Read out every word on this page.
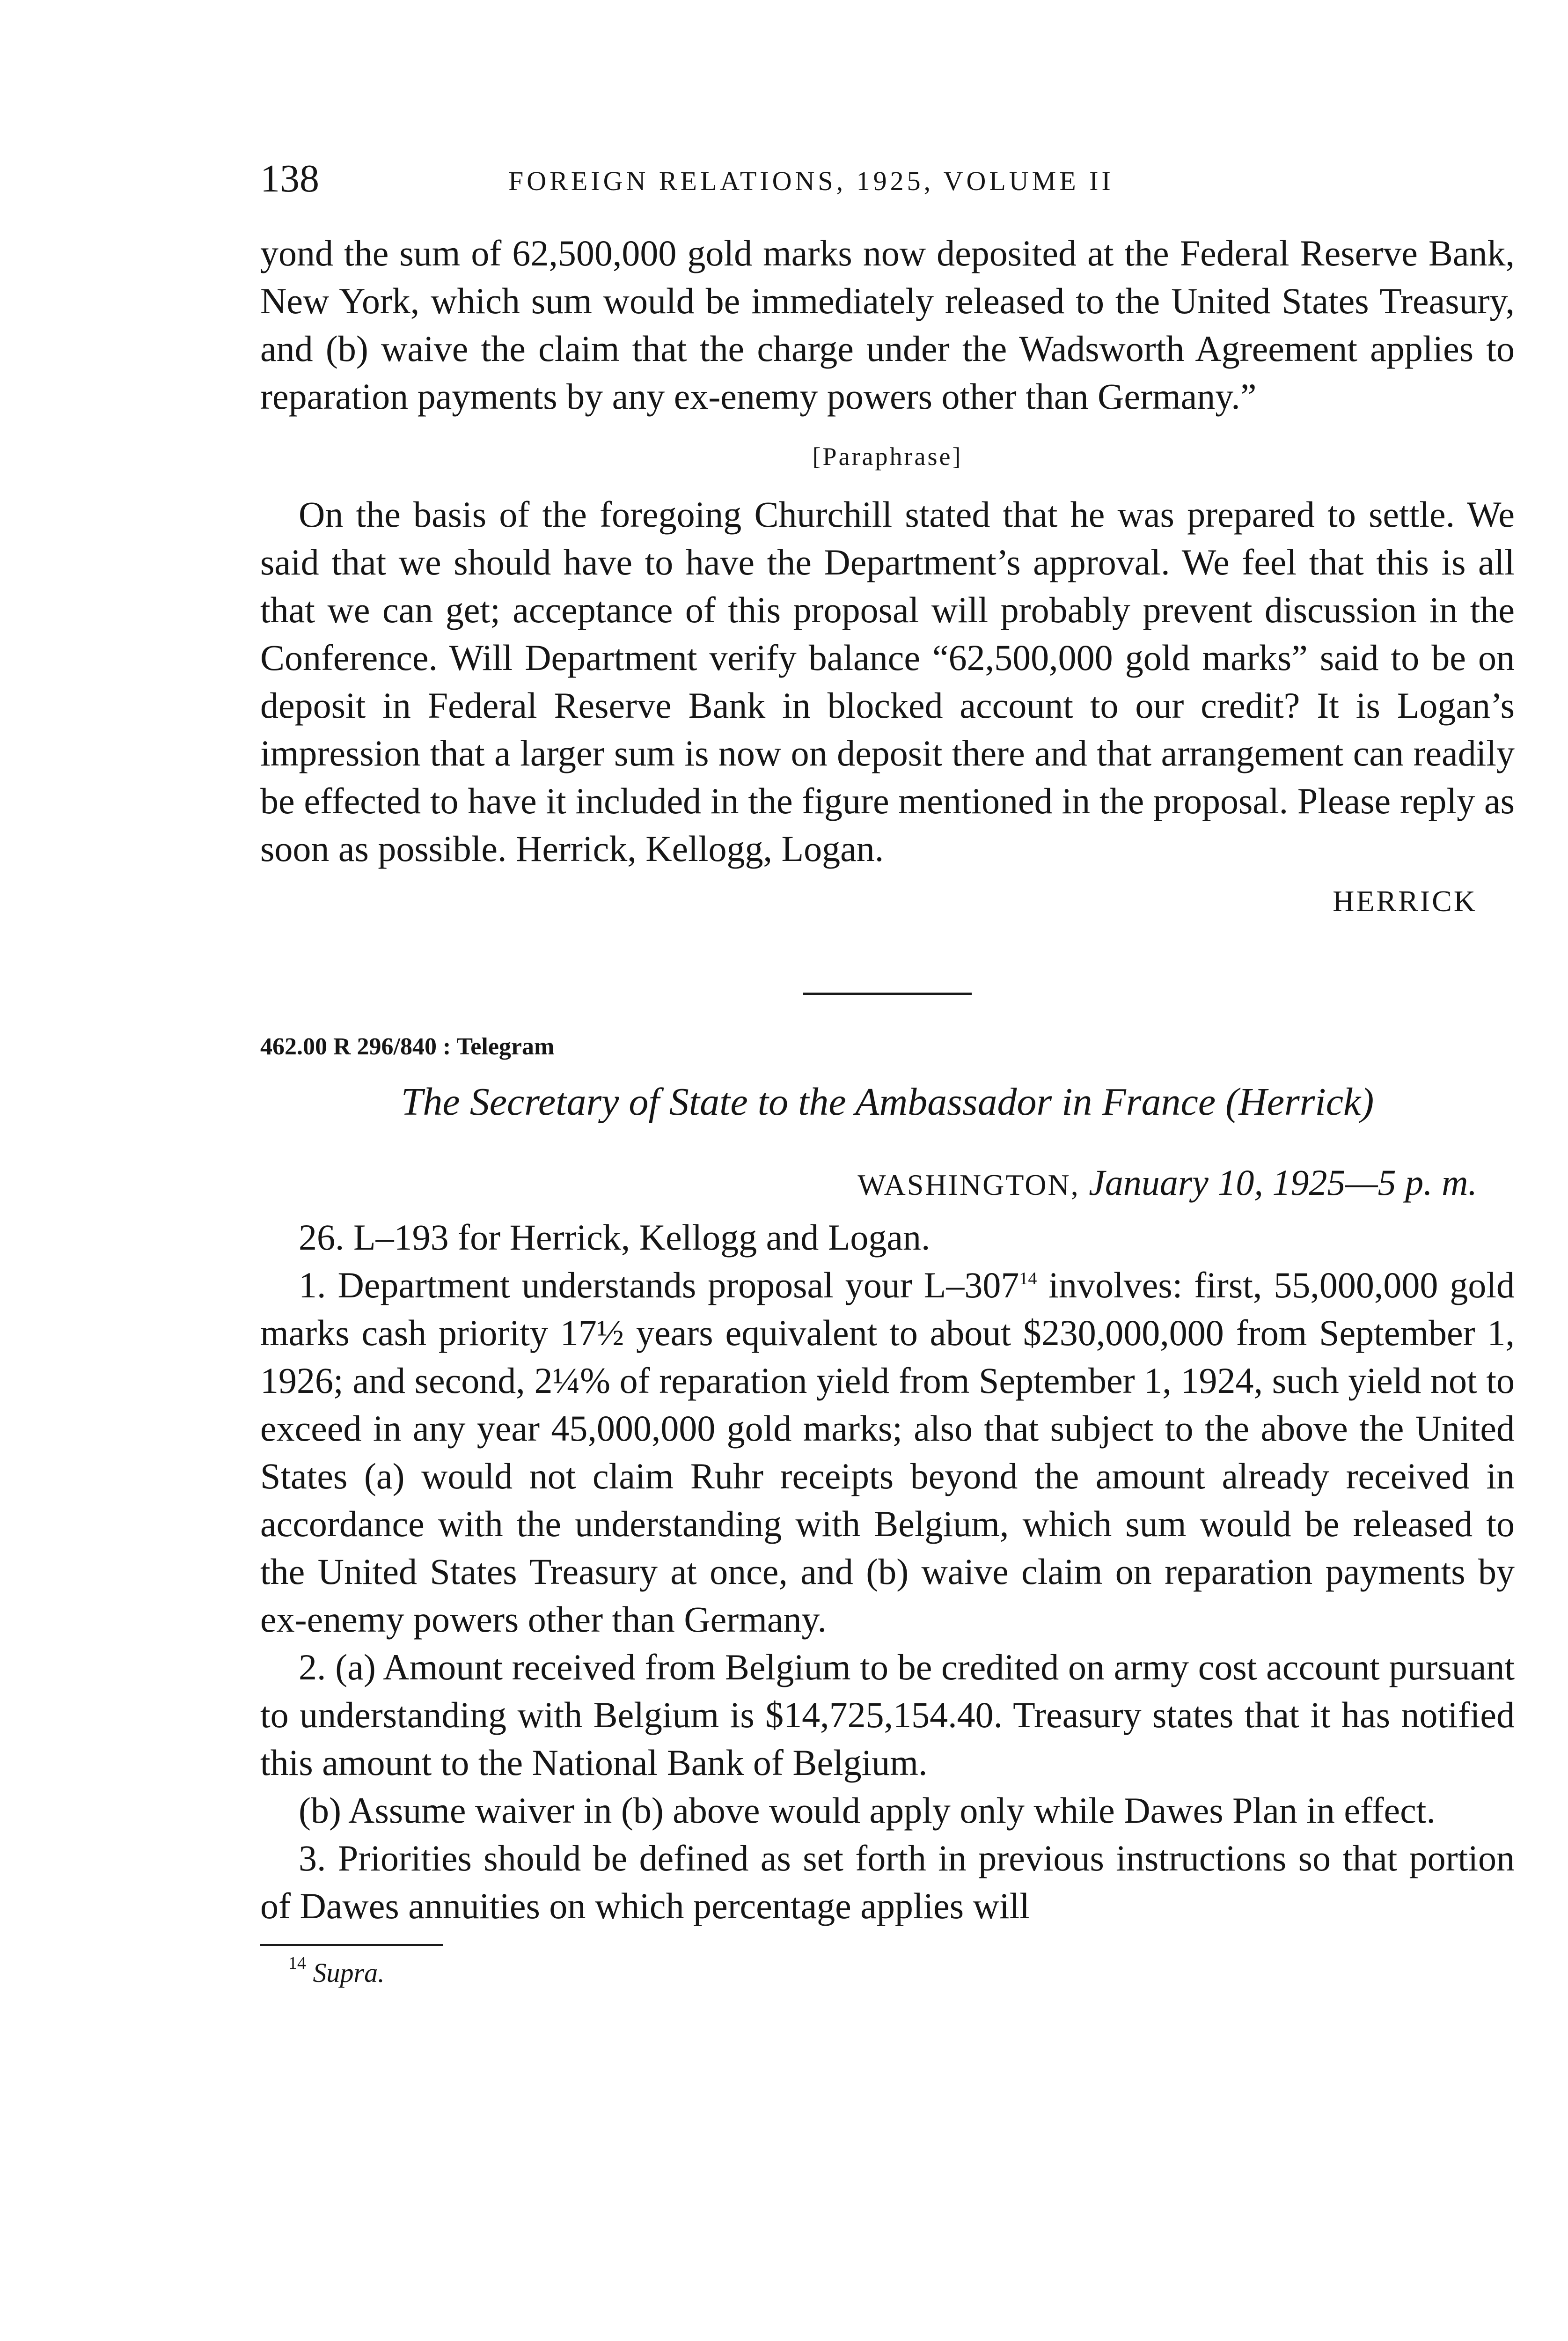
138	FOREIGN RELATIONS, 1925, VOLUME II

yond the sum of 62,500,000 gold marks now deposited at the Federal Reserve Bank, New York, which sum would be immediately released to the United States Treasury, and (b) waive the claim that the charge under the Wadsworth Agreement applies to reparation payments by any ex-enemy powers other than Germany.”

[Paraphrase]

On the basis of the foregoing Churchill stated that he was prepared to settle. We said that we should have to have the Department’s approval. We feel that this is all that we can get; acceptance of this proposal will probably prevent discussion in the Conference. Will Department verify balance “62,500,000 gold marks” said to be on deposit in Federal Reserve Bank in blocked account to our credit? It is Logan’s impression that a larger sum is now on deposit there and that arrangement can readily be effected to have it included in the figure mentioned in the proposal. Please reply as soon as possible. Herrick, Kellogg, Logan.

HERRICK
462.00 R 296/840 : Telegram
The Secretary of State to the Ambassador in France (Herrick)
WASHINGTON, January 10, 1925—5 p. m.

26. L–193 for Herrick, Kellogg and Logan.

1. Department understands proposal your $L-307^{14}$ involves: first, 55,000,000 gold marks cash priority 17½ years equivalent to about $230,000,000 from September 1, 1926; and second, 2¼% of reparation yield from September 1, 1924, such yield not to exceed in any year 45,000,000 gold marks; also that subject to the above the United States (a) would not claim Ruhr receipts beyond the amount already received in accordance with the understanding with Belgium, which sum would be released to the United States Treasury at once, and (b) waive claim on reparation payments by ex-enemy powers other than Germany.

2. (a) Amount received from Belgium to be credited on army cost account pursuant to understanding with Belgium is $14,725,154.40. Treasury states that it has notified this amount to the National Bank of Belgium.

(b) Assume waiver in (b) above would apply only while Dawes Plan in effect.

3. Priorities should be defined as set forth in previous instructions so that portion of Dawes annuities on which percentage applies will

$^{14}$ Supra.
